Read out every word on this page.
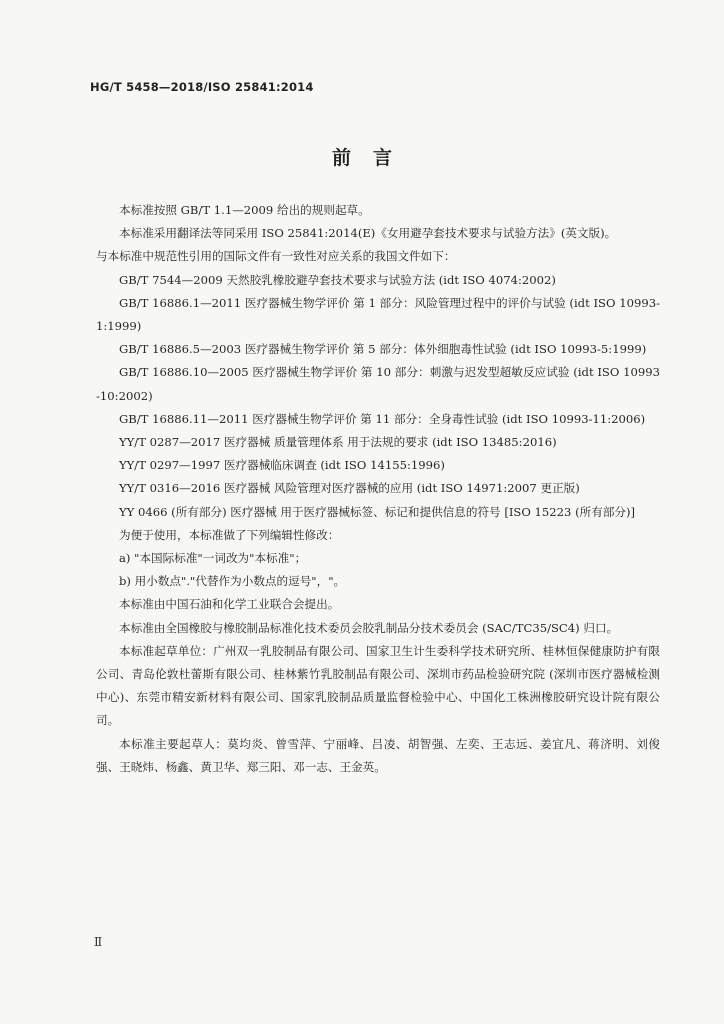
HG/T 5458—2018/ISO 25841:2014
前言

本标准按照 GB/T 1.1—2009 给出的规则起草。

本标准采用翻译法等同采用 ISO 25841:2014(E)《女用避孕套技术要求与试验方法》(英文版)。

与本标准中规范性引用的国际文件有一致性对应关系的我国文件如下：

GB/T 7544—2009 天然胶乳橡胶避孕套技术要求与试验方法 (idt ISO 4074:2002)

GB/T 16886.1—2011 医疗器械生物学评价 第 1 部分：风险管理过程中的评价与试验 (idt ISO 10993-1:1999)

GB/T 16886.5—2003 医疗器械生物学评价 第 5 部分：体外细胞毒性试验 (idt ISO 10993-5:1999)

GB/T 16886.10—2005 医疗器械生物学评价 第 10 部分：刺激与迟发型超敏反应试验 (idt ISO 10993-10:2002)

GB/T 16886.11—2011 医疗器械生物学评价 第 11 部分：全身毒性试验 (idt ISO 10993-11:2006)

YY/T 0287—2017 医疗器械 质量管理体系 用于法规的要求 (idt ISO 13485:2016)

YY/T 0297—1997 医疗器械临床调查 (idt ISO 14155:1996)

YY/T 0316—2016 医疗器械 风险管理对医疗器械的应用 (idt ISO 14971:2007 更正版)

YY 0466 (所有部分) 医疗器械 用于医疗器械标签、标记和提供信息的符号 [ISO 15223 (所有部分)]

为便于使用，本标准做了下列编辑性修改：

a) "本国际标准"一词改为"本标准"；

b) 用小数点"."代替作为小数点的逗号"，"。

本标准由中国石油和化学工业联合会提出。

本标准由全国橡胶与橡胶制品标准化技术委员会胶乳制品分技术委员会 (SAC/TC35/SC4) 归口。

本标准起草单位：广州双一乳胶制品有限公司、国家卫生计生委科学技术研究所、桂林恒保健康防护有限公司、青岛伦敦杜蕾斯有限公司、桂林紫竹乳胶制品有限公司、深圳市药品检验研究院 (深圳市医疗器械检测中心)、东莞市精安新材料有限公司、国家乳胶制品质量监督检验中心、中国化工株洲橡胶研究设计院有限公司。

本标准主要起草人：莫均炎、曾雪萍、宁丽峰、吕凌、胡智强、左奕、王志远、姜宜凡、蒋济明、刘俊强、王晓炜、杨鑫、黄卫华、郑三阳、邓一志、王金英。

Ⅱ
